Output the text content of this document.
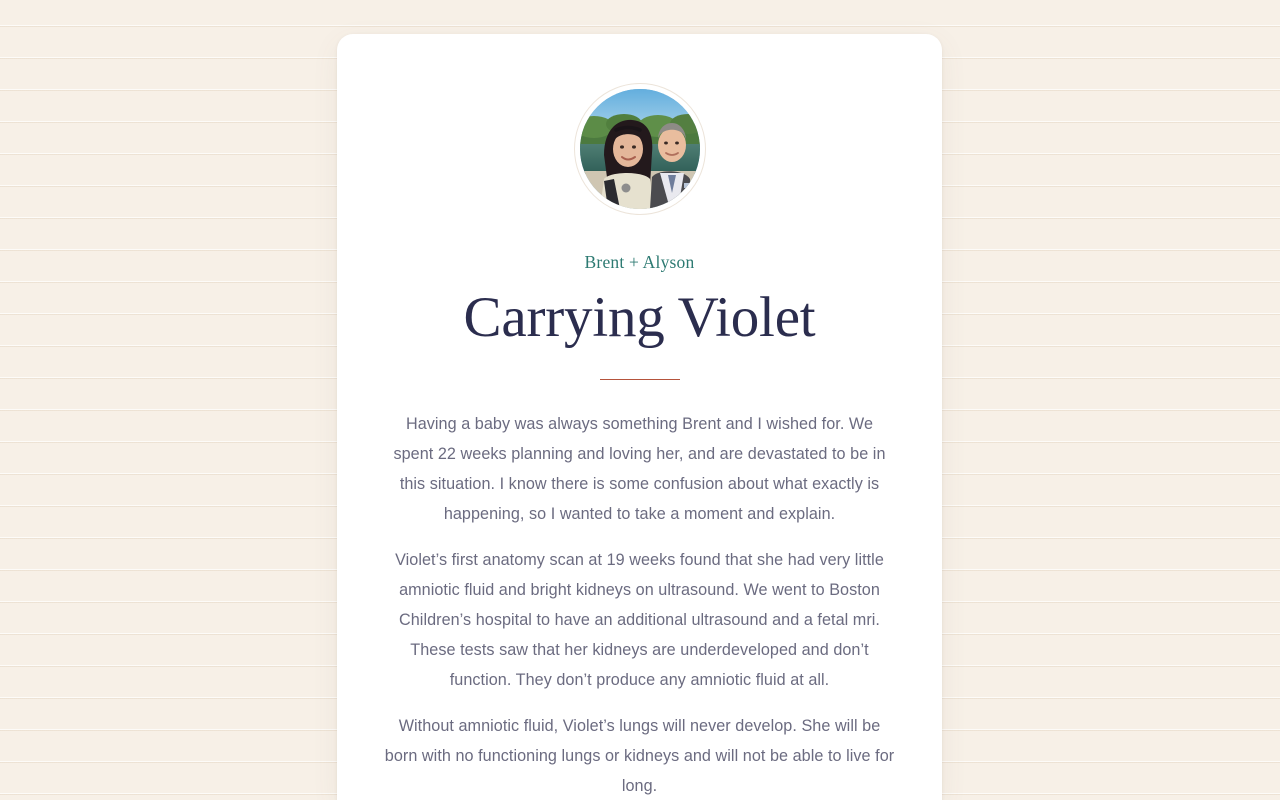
Brent + Alyson
Carrying Violet

Having a baby was always something Brent and I wished for. We spent 22 weeks planning and loving her, and are devastated to be in this situation. I know there is some confusion about what exactly is happening, so I wanted to take a moment and explain.

Violet’s first anatomy scan at 19 weeks found that she had very little amniotic fluid and bright kidneys on ultrasound. We went to Boston Children’s hospital to have an additional ultrasound and a fetal mri. These tests saw that her kidneys are underdeveloped and don’t function. They don’t produce any amniotic fluid at all.

Without amniotic fluid, Violet’s lungs will never develop. She will be born with no functioning lungs or kidneys and will not be able to live for long.
